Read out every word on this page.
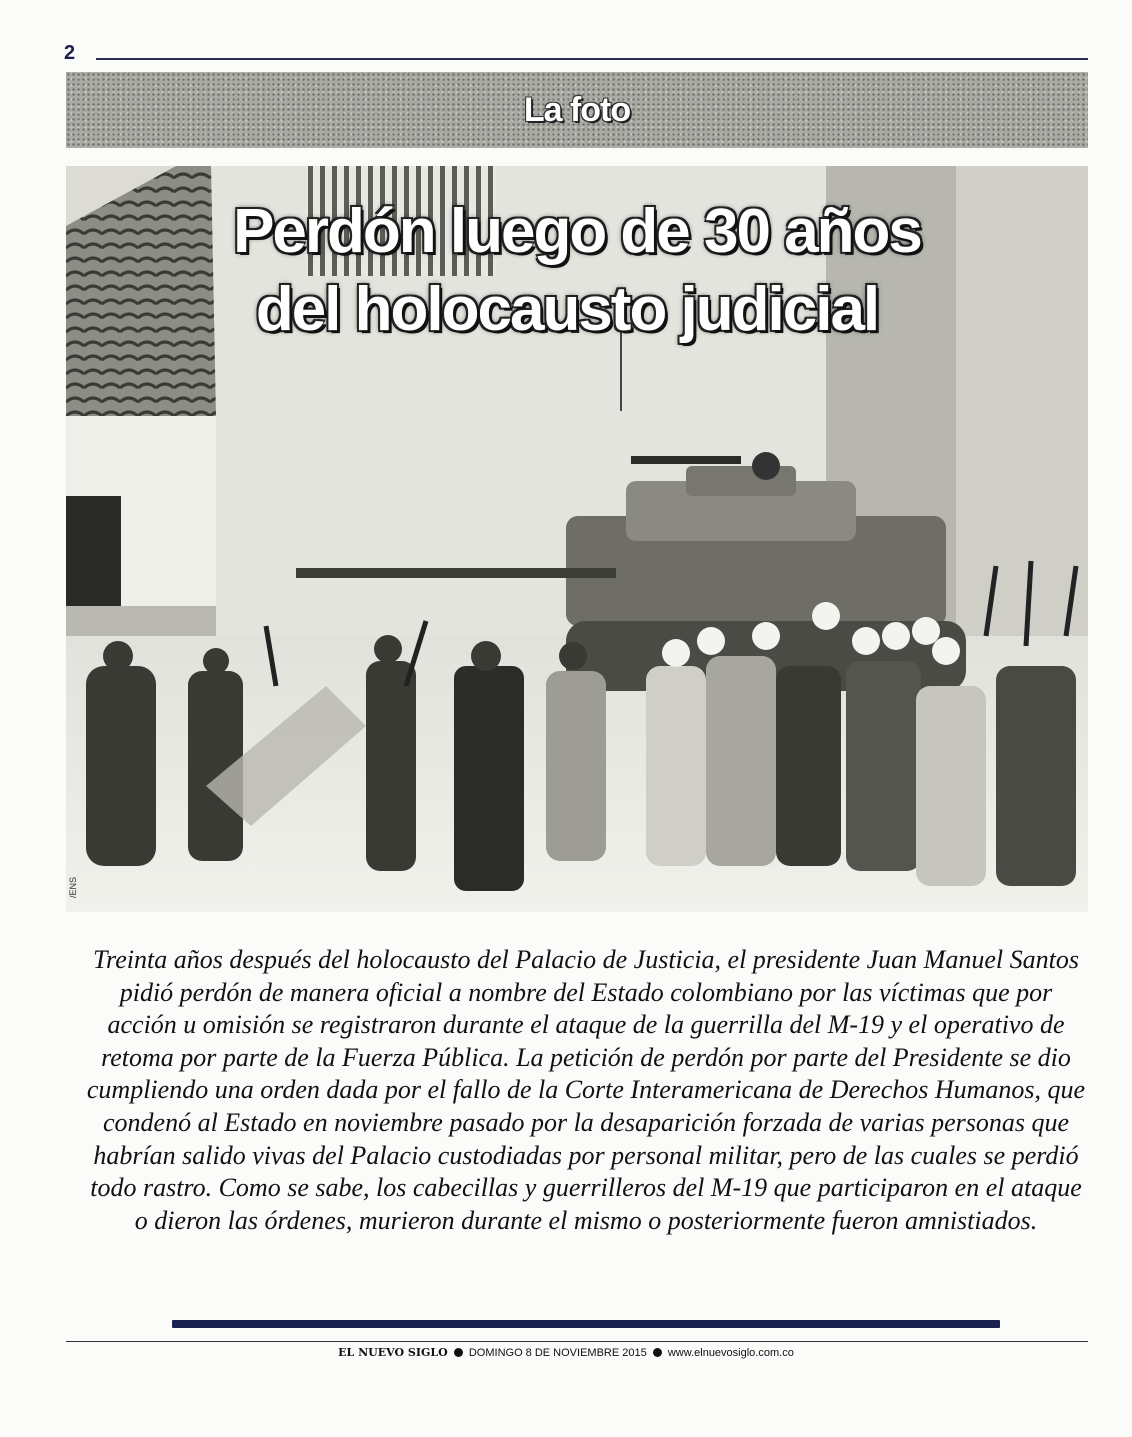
2
La foto
Perdón luego de 30 años
del holocausto judicial
/ENS
Treinta años después del holocausto del Palacio de Justicia, el presidente Juan Manuel Santos pidió perdón de manera oficial a nombre del Estado colombiano por las víctimas que por acción u omisión se registraron durante el ataque de la guerrilla del M-19 y el operativo de retoma por parte de la Fuerza Pública. La petición de perdón por parte del Presidente se dio cumpliendo una orden dada por el fallo de la Corte Interamericana de Derechos Humanos, que condenó al Estado en noviembre pasado por la desaparición forzada de varias personas que habrían salido vivas del Palacio custodiadas por personal militar, pero de las cuales se perdió todo rastro. Como se sabe, los cabecillas y guerrilleros del M-19 que participaron en el ataque o dieron las órdenes, murieron durante el mismo o posteriormente fueron amnistiados.
EL NUEVO SIGLO DOMINGO 8 DE NOVIEMBRE 2015 www.elnuevosiglo.com.co
